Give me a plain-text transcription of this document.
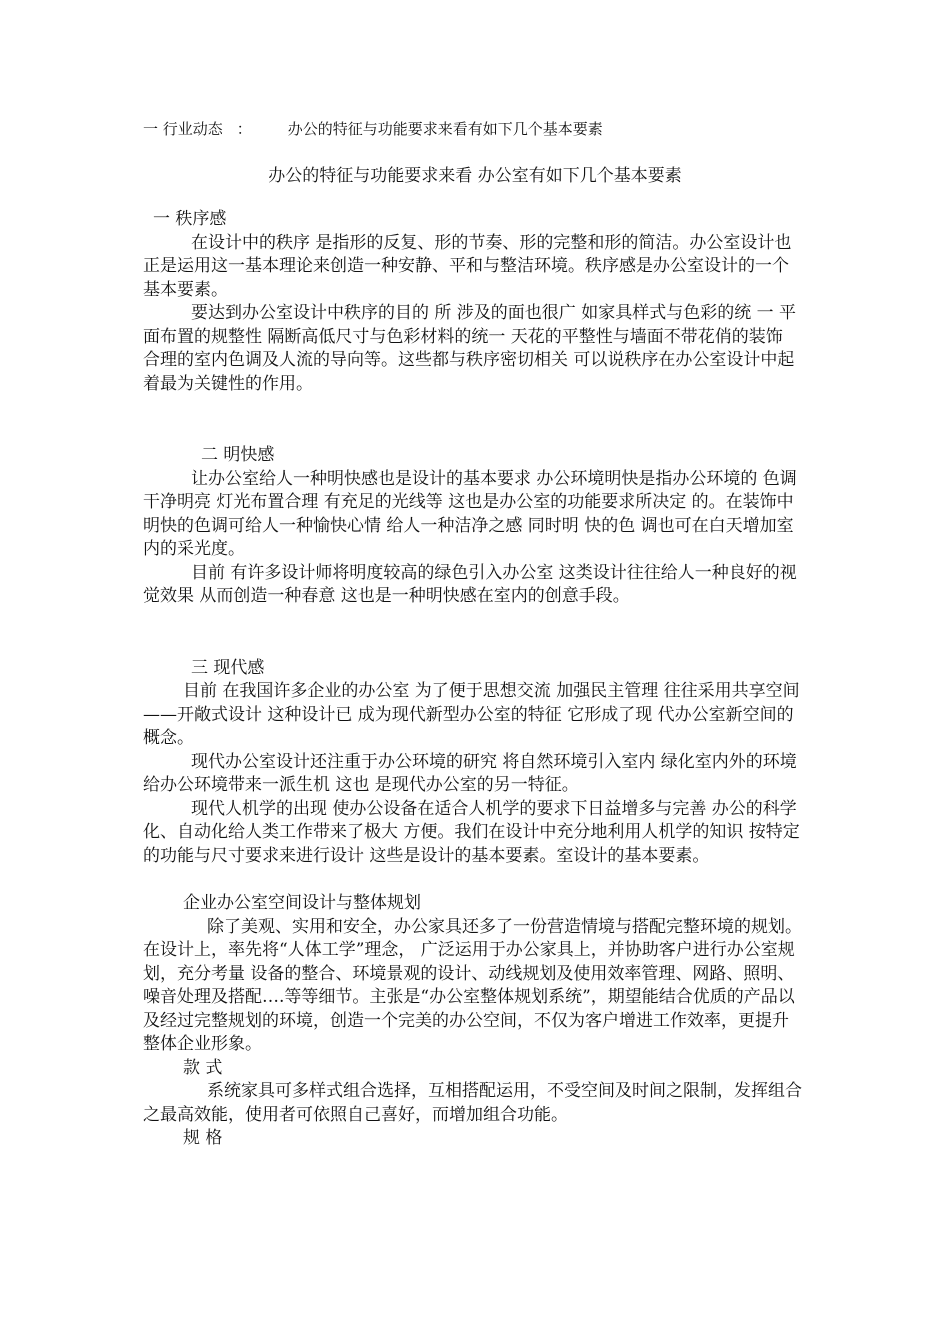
一 行业动态 ： 办公的特征与功能要求来看有如下几个基本要素
办公的特征与功能要求来看 办公室有如下几个基本要素

一 秩序感

在设计中的秩序 是指形的反复、形的节奏、形的完整和形的简洁。办公室设计也正是运用这一基本理论来创造一种安静、平和与整洁环境。秩序感是办公室设计的一个基本要素。

要达到办公室设计中秩序的目的 所 涉及的面也很广 如家具样式与色彩的统 一 平面布置的规整性 隔断高低尺寸与色彩材料的统一 天花的平整性与墙面不带花俏的装饰 合理的室内色调及人流的导向等。这些都与秩序密切相关 可以说秩序在办公室设计中起着最为关键性的作用。

二 明快感

让办公室给人一种明快感也是设计的基本要求 办公环境明快是指办公环境的 色调干净明亮 灯光布置合理 有充足的光线等 这也是办公室的功能要求所决定 的。在装饰中明快的色调可给人一种愉快心情 给人一种洁净之感 同时明 快的色 调也可在白天增加室内的采光度。

目前 有许多设计师将明度较高的绿色引入办公室 这类设计往往给人一种良好的视觉效果 从而创造一种春意 这也是一种明快感在室内的创意手段。

三 现代感

目前 在我国许多企业的办公室 为了便于思想交流 加强民主管理 往往采用共享空间——开敞式设计 这种设计已 成为现代新型办公室的特征 它形成了现 代办公室新空间的概念。

现代办公室设计还注重于办公环境的研究 将自然环境引入室内 绿化室内外的环境 给办公环境带来一派生机 这也 是现代办公室的另一特征。

现代人机学的出现 使办公设备在适合人机学的要求下日益增多与完善 办公的科学化、自动化给人类工作带来了极大 方便。我们在设计中充分地利用人机学的知识 按特定的功能与尺寸要求来进行设计 这些是设计的基本要素。室设计的基本要素。

企业办公室空间设计与整体规划

除了美观、实用和安全，办公家具还多了一份营造情境与搭配完整环境的规划。在设计上，率先将“人体工学”理念， 广泛运用于办公家具上，并协助客户进行办公室规划，充分考量 设备的整合、环境景观的设计、动线规划及使用效率管理、网路、照明、噪音处理及搭配….等等细节。主张是“办公室整体规划系统”，期望能结合优质的产品以及经过完整规划的环境，创造一个完美的办公空间，不仅为客户增进工作效率，更提升整体企业形象。

款 式

系统家具可多样式组合选择，互相搭配运用，不受空间及时间之限制，发挥组合之最高效能，使用者可依照自己喜好，而增加组合功能。

规 格
